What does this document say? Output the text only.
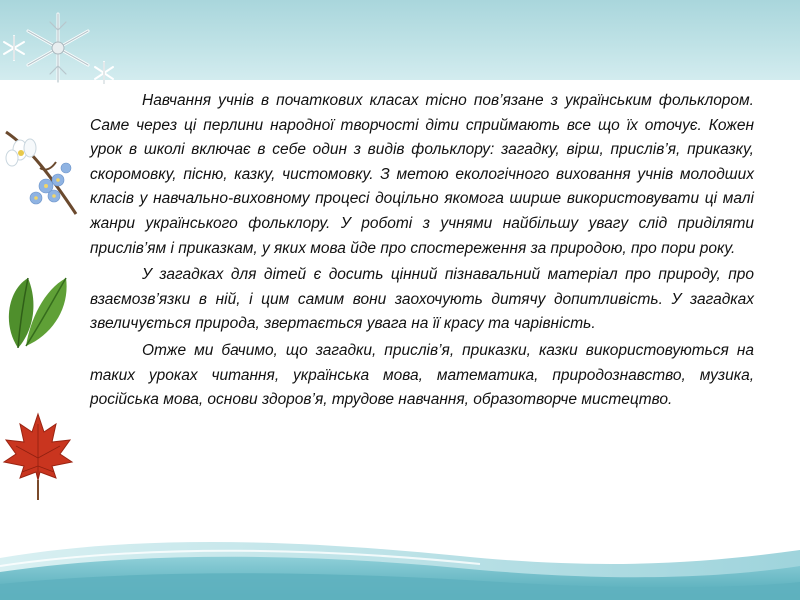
Навчання учнів в початкових класах тісно пов’язане з українським фольклором. Саме через ці перлини народної творчості діти сприймають все що їх оточує. Кожен урок в школі включає в себе один з видів фольклору: загадку, вірш, прислів’я, приказку, скоромовку, пісню, казку, чистомовку. З метою екологічного виховання учнів молодших класів у навчально-виховному процесі доцільно якомога ширше використовувати ці малі жанри українського фольклору. У роботі з учнями найбільшу увагу слід приділяти прислів’ям і приказкам, у яких мова йде про спостереження за природою, про пори року.

У загадках для дітей є досить цінний пізнавальний матеріал про природу, про взаємозв’язки в ній, і цим самим вони заохочують дитячу допитливість. У загадках звеличується природа, звертається увага на її красу та чарівність.

Отже ми бачимо, що загадки, прислів’я, приказки, казки використовуються на таких уроках читання, українська мова, математика, природознавство, музика, російська мова, основи здоров’я, трудове навчання, образотворче мистецтво.
